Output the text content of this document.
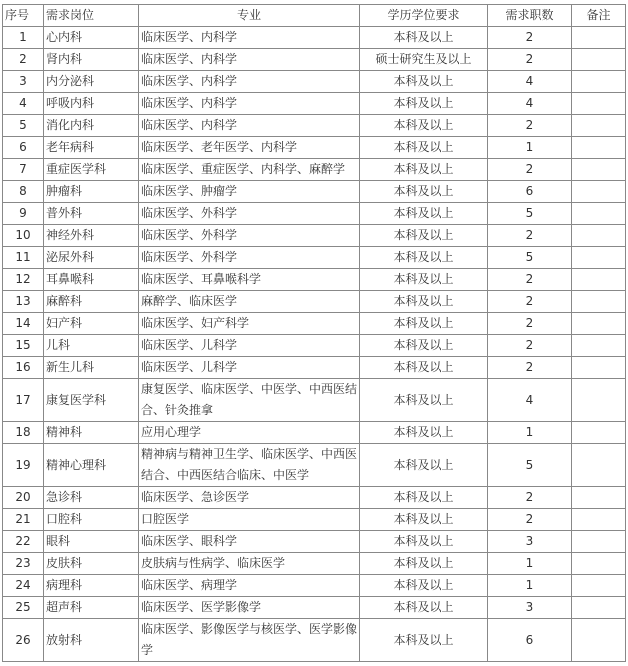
序号	需求岗位	专业	学历学位要求	需求职数	备注
1	心内科	临床医学、内科学	本科及以上	2	
2	肾内科	临床医学、内科学	硕士研究生及以上	2	
3	内分泌科	临床医学、内科学	本科及以上	4	
4	呼吸内科	临床医学、内科学	本科及以上	4	
5	消化内科	临床医学、内科学	本科及以上	2	
6	老年病科	临床医学、老年医学、内科学	本科及以上	1	
7	重症医学科	临床医学、重症医学、内科学、麻醉学	本科及以上	2	
8	肿瘤科	临床医学、肿瘤学	本科及以上	6	
9	普外科	临床医学、外科学	本科及以上	5	
10	神经外科	临床医学、外科学	本科及以上	2	
11	泌尿外科	临床医学、外科学	本科及以上	5	
12	耳鼻喉科	临床医学、耳鼻喉科学	本科及以上	2	
13	麻醉科	麻醉学、临床医学	本科及以上	2	
14	妇产科	临床医学、妇产科学	本科及以上	2	
15	儿科	临床医学、儿科学	本科及以上	2	
16	新生儿科	临床医学、儿科学	本科及以上	2	
17	康复医学科	康复医学、临床医学、中医学、中西医结合、针灸推拿	本科及以上	4	
18	精神科	应用心理学	本科及以上	1	
19	精神心理科	精神病与精神卫生学、临床医学、中西医结合、中西医结合临床、中医学	本科及以上	5	
20	急诊科	临床医学、急诊医学	本科及以上	2	
21	口腔科	口腔医学	本科及以上	2	
22	眼科	临床医学、眼科学	本科及以上	3	
23	皮肤科	皮肤病与性病学、临床医学	本科及以上	1	
24	病理科	临床医学、病理学	本科及以上	1	
25	超声科	临床医学、医学影像学	本科及以上	3	
26	放射科	临床医学、影像医学与核医学、医学影像学	本科及以上	6	
